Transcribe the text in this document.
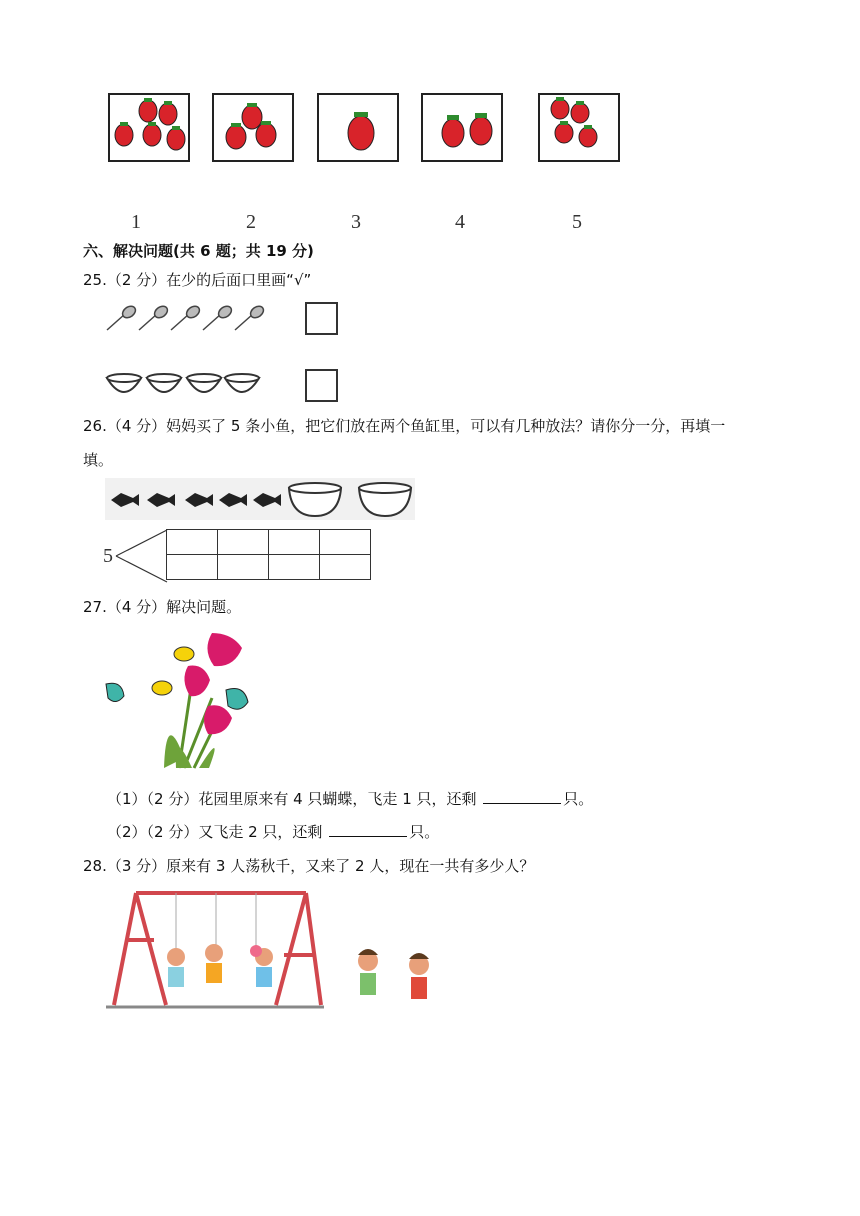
1	2	3	4	5
六、解决问题(共 6 题；共 19 分)
25.（2 分）在少的后面口里画“√”
26.（4 分）妈妈买了 5 条小鱼，把它们放在两个鱼缸里，可以有几种放法？请你分一分，再填一
填。
5

27.（4 分）解决问题。
（1）（2 分）花园里原来有 4 只蝴蝶，飞走 1 只，还剩	只。
（2）（2 分）又飞走 2 只，还剩	只。
28.（3 分）原来有 3 人荡秋千，又来了 2 人，现在一共有多少人？
